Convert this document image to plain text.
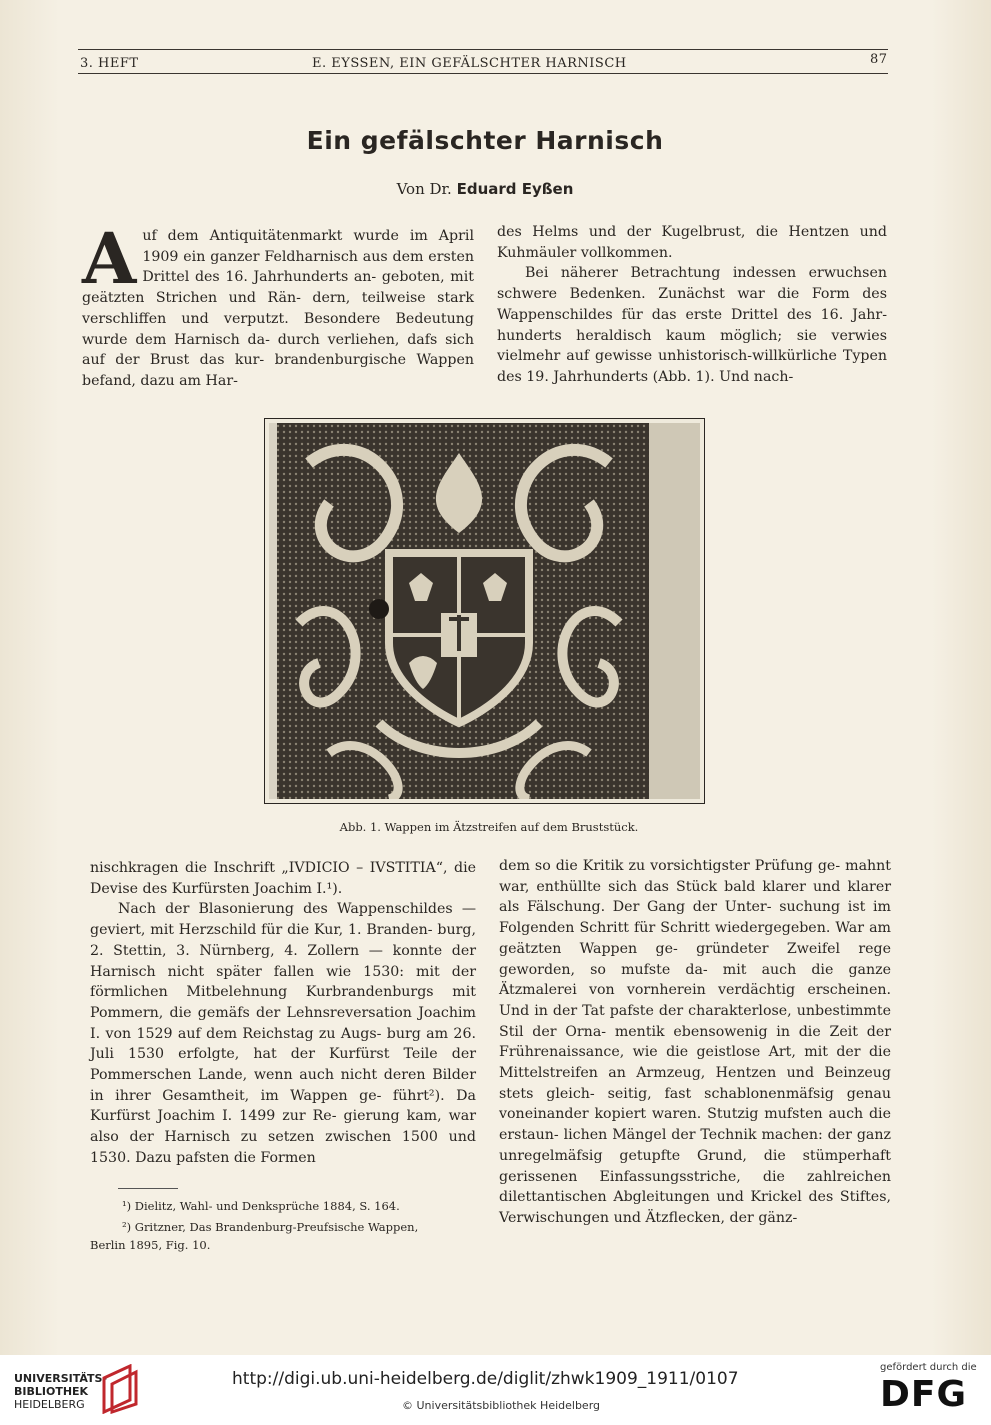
3. HEFT	E. EYSSEN, EIN GEFÄLSCHTER HARNISCH	87
Ein gefälschter Harnisch
Von Dr. Eduard Eyßen
A uf dem Antiquitätenmarkt wurde im April 1909 ein ganzer Feldharnisch aus dem ersten Drittel des 16. Jahrhunderts an- geboten, mit geätzten Strichen und Rän- dern, teilweise stark verschliffen und verputzt. Besondere Bedeutung wurde dem Harnisch da- durch verliehen, dafs sich auf der Brust das kur- brandenburgische Wappen befand, dazu am Har-

des Helms und der Kugelbrust, die Hentzen und Kuhmäuler vollkommen.

Bei näherer Betrachtung indessen erwuchsen schwere Bedenken. Zunächst war die Form des Wappenschildes für das erste Drittel des 16. Jahr- hunderts heraldisch kaum möglich; sie verwies vielmehr auf gewisse unhistorisch-willkürliche Typen des 19. Jahrhunderts (Abb. 1). Und nach-

Abb. 1. Wappen im Ätzstreifen auf dem Bruststück.

nischkragen die Inschrift „IVDICIO – IVSTITIA“, die Devise des Kurfürsten Joachim I.¹).

Nach der Blasonierung des Wappenschildes — geviert, mit Herzschild für die Kur, 1. Branden- burg, 2. Stettin, 3. Nürnberg, 4. Zollern — konnte der Harnisch nicht später fallen wie 1530: mit der förmlichen Mitbelehnung Kurbrandenburgs mit Pommern, die gemäfs der Lehnsreversation Joachim I. von 1529 auf dem Reichstag zu Augs- burg am 26. Juli 1530 erfolgte, hat der Kurfürst Teile der Pommerschen Lande, wenn auch nicht deren Bilder in ihrer Gesamtheit, im Wappen ge- führt²). Da Kurfürst Joachim I. 1499 zur Re- gierung kam, war also der Harnisch zu setzen zwischen 1500 und 1530. Dazu pafsten die Formen

¹) Dielitz, Wahl- und Denksprüche 1884, S. 164.
²) Gritzner, Das Brandenburg-Preufsische Wappen,
Berlin 1895, Fig. 10.

dem so die Kritik zu vorsichtigster Prüfung ge- mahnt war, enthüllte sich das Stück bald klarer und klarer als Fälschung. Der Gang der Unter- suchung ist im Folgenden Schritt für Schritt wiedergegeben. War am geätzten Wappen ge- gründeter Zweifel rege geworden, so mufste da- mit auch die ganze Ätzmalerei von vornherein verdächtig erscheinen. Und in der Tat pafste der charakterlose, unbestimmte Stil der Orna- mentik ebensowenig in die Zeit der Frührenaissance, wie die geistlose Art, mit der die Mittelstreifen an Armzeug, Hentzen und Beinzeug stets gleich- seitig, fast schablonenmäfsig genau voneinander kopiert waren. Stutzig mufsten auch die erstaun- lichen Mängel der Technik machen: der ganz unregelmäfsig getupfte Grund, die stümperhaft gerissenen Einfassungsstriche, die zahlreichen dilettantischen Abgleitungen und Krickel des Stiftes, Verwischungen und Ätzflecken, der gänz-

UNIVERSITÄTS-
BIBLIOTHEK
HEIDELBERG
http://digi.ub.uni-heidelberg.de/diglit/zhwk1909_1911/0107
© Universitätsbibliothek Heidelberg
gefördert durch die
DFG
